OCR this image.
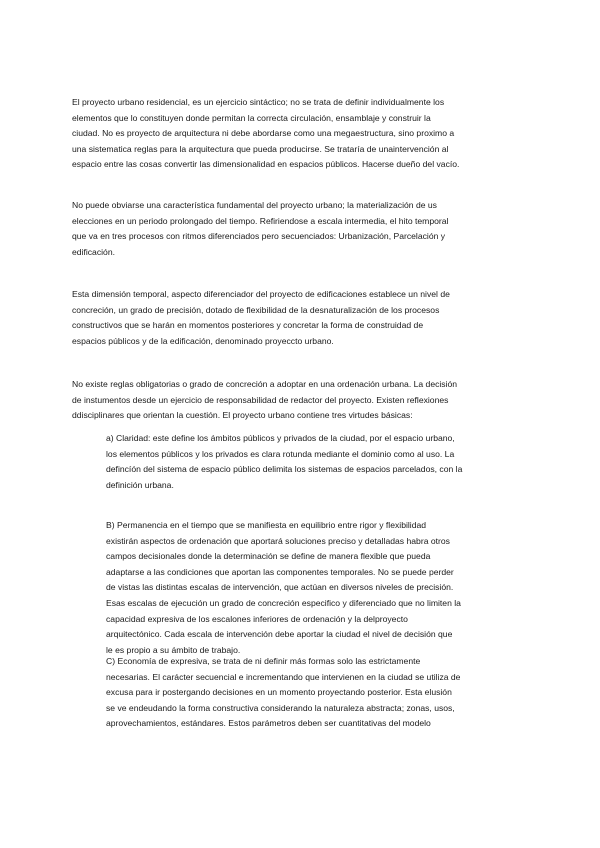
El proyecto urbano residencial, es un ejercicio sintáctico; no se trata de definir individualmente los
elementos que lo constituyen donde permitan la correcta circulación, ensamblaje y construir la
ciudad. No es proyecto de arquitectura ni debe abordarse como una megaestructura, sino proximo a
una sistematica reglas para la arquitectura que pueda producirse. Se trataría de unaintervención al
espacio entre las cosas convertir las dimensionalidad en espacios públicos. Hacerse dueño del vacío.
No puede obviarse una característica fundamental del proyecto urbano; la materialización de us
elecciones en un periodo prolongado del tiempo. Refiriendose a escala intermedia, el hito temporal
que va en tres procesos con ritmos diferenciados pero secuenciados: Urbanización, Parcelación y
edificación.
Esta dimensión temporal, aspecto diferenciador del proyecto de edificaciones establece un nivel de
concreción, un grado de precisión, dotado de flexibilidad de la desnaturalización de los procesos
constructivos que se harán en momentos posteriores y concretar la forma de construidad de
espacios públicos y de la edificación, denominado proyeccto urbano.
No existe reglas obligatorias o grado de concreción a adoptar en una ordenación urbana. La decisión
de instumentos desde un ejercicio de responsabilidad de redactor del proyecto. Existen reflexiones
ddisciplinares que orientan la cuestión. El proyecto urbano contiene tres virtudes básicas:
a) Claridad: este define los ámbitos públicos y privados de la ciudad, por el espacio urbano,
los elementos públicos y los privados es clara rotunda mediante el dominio como al uso. La
defincíón del sistema de espacio público delimita los sistemas de espacios parcelados, con la
definición urbana.
B) Permanencia en el tiempo que se manifiesta en equilibrio entre rigor y flexibilidad
existirán aspectos de ordenación que aportará soluciones preciso y detalladas habra otros
campos decisionales donde la determinación se define de manera flexible que pueda
adaptarse a las condiciones que aportan las componentes temporales. No se puede perder
de vistas las distintas escalas de intervención, que actúan en diversos niveles de precisión.
Esas escalas de ejecución un grado de concreción especifico y diferenciado que no limiten la
capacidad expresiva de los escalones inferiores de ordenación y la delproyecto
arquitectónico. Cada escala de intervención debe aportar la ciudad el nivel de decisión que
le es propio a su ámbito de trabajo.
C) Economía de expresiva, se trata de ni definir más formas solo las estrictamente
necesarias. El carácter secuencial e incrementando que intervienen en la ciudad se utiliza de
excusa para ir postergando decisiones en un momento proyectando posterior. Esta elusión
se ve endeudando la forma constructiva considerando la naturaleza abstracta; zonas, usos,
aprovechamientos, estándares. Estos parámetros deben ser cuantitativas del modelo
